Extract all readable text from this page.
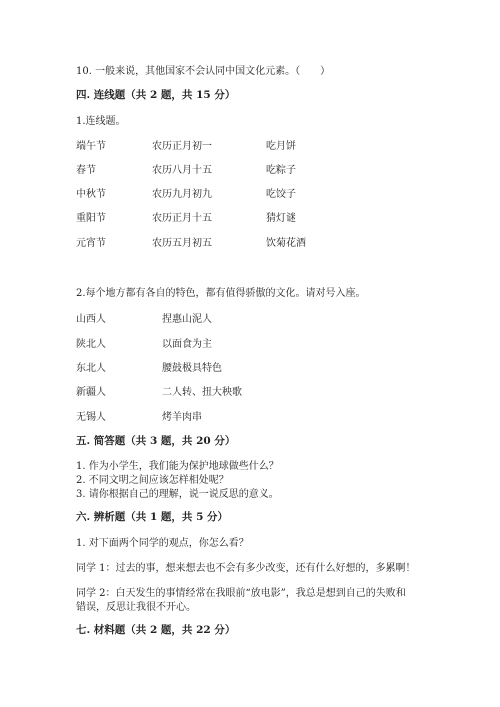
10. 一般来说，其他国家不会认同中国文化元素。（　　）
四. 连线题（共 2 题，共 15 分）
1.连线题。
端午节	农历正月初一	吃月饼
春节	农历八月十五	吃粽子
中秋节	农历九月初九	吃饺子
重阳节	农历正月十五	猜灯谜
元宵节	农历五月初五	饮菊花酒
2.每个地方都有各自的特色，都有值得骄傲的文化。请对号入座。
山西人	捏惠山泥人
陕北人	以面食为主
东北人	腰鼓极具特色
新疆人	二人转、扭大秧歌
无锡人	烤羊肉串
五. 简答题（共 3 题，共 20 分）
1. 作为小学生，我们能为保护地球做些什么？
2. 不同文明之间应该怎样相处呢？
3. 请你根据自己的理解，说一说反思的意义。
六. 辨析题（共 1 题，共 5 分）
1. 对下面两个同学的观点，你怎么看？
同学 1：过去的事，想来想去也不会有多少改变，还有什么好想的，多累啊！
同学 2：白天发生的事情经常在我眼前“放电影”，我总是想到自己的失败和
错误，反思让我很不开心。
七. 材料题（共 2 题，共 22 分）
